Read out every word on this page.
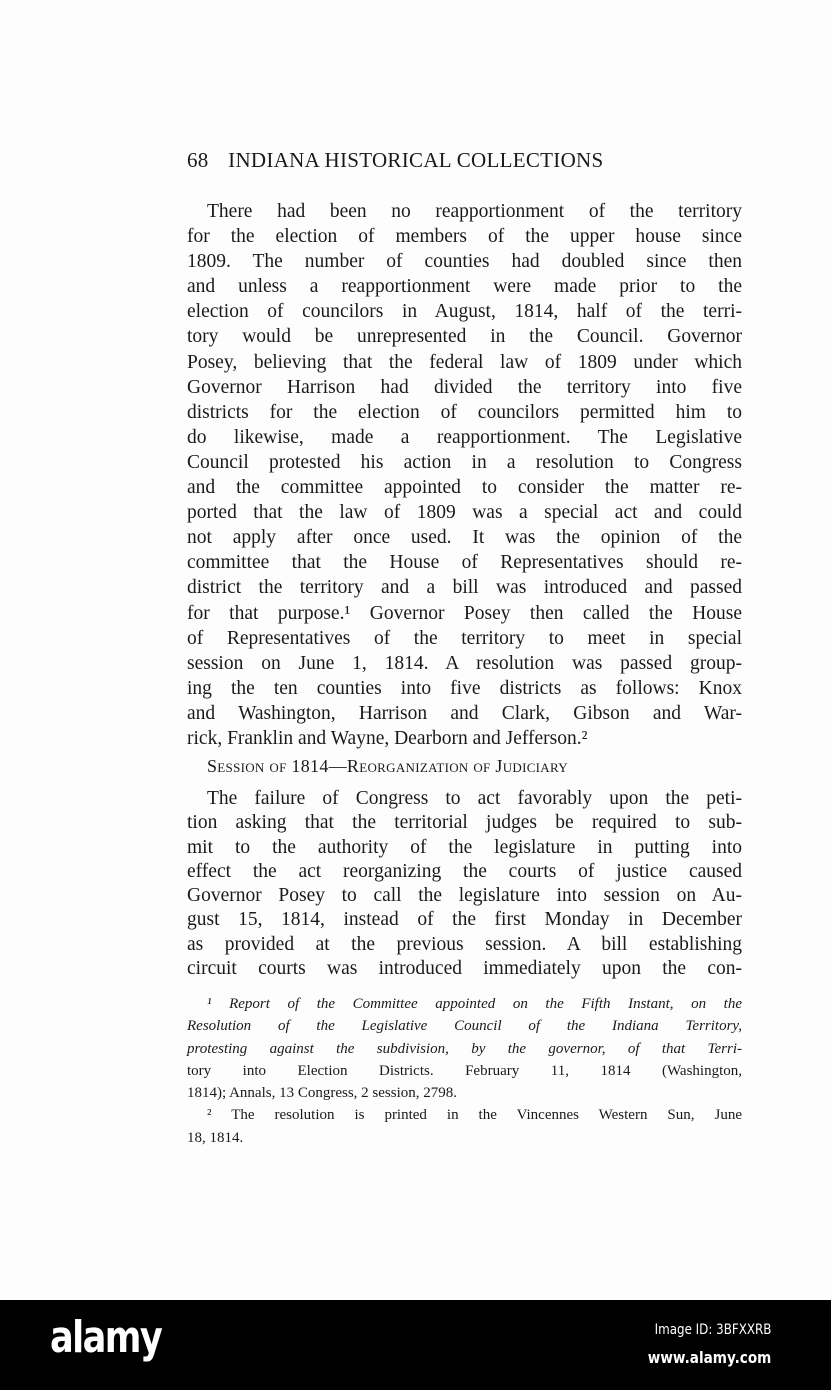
68 INDIANA HISTORICAL COLLECTIONS
There had been no reapportionment of the territory
for the election of members of the upper house since
1809. The number of counties had doubled since then
and unless a reapportionment were made prior to the
election of councilors in August, 1814, half of the terri-
tory would be unrepresented in the Council. Governor
Posey, believing that the federal law of 1809 under which
Governor Harrison had divided the territory into five
districts for the election of councilors permitted him to
do likewise, made a reapportionment. The Legislative
Council protested his action in a resolution to Congress
and the committee appointed to consider the matter re-
ported that the law of 1809 was a special act and could
not apply after once used. It was the opinion of the
committee that the House of Representatives should re-
district the territory and a bill was introduced and passed
for that purpose.¹ Governor Posey then called the House
of Representatives of the territory to meet in special
session on June 1, 1814. A resolution was passed group-
ing the ten counties into five districts as follows: Knox
and Washington, Harrison and Clark, Gibson and War-
rick, Franklin and Wayne, Dearborn and Jefferson.²
Session of 1814—Reorganization of Judiciary
The failure of Congress to act favorably upon the peti-
tion asking that the territorial judges be required to sub-
mit to the authority of the legislature in putting into
effect the act reorganizing the courts of justice caused
Governor Posey to call the legislature into session on Au-
gust 15, 1814, instead of the first Monday in December
as provided at the previous session. A bill establishing
circuit courts was introduced immediately upon the con-
¹ Report of the Committee appointed on the Fifth Instant, on the
Resolution of the Legislative Council of the Indiana Territory,
protesting against the subdivision, by the governor, of that Terri-
tory into Election Districts. February 11, 1814 (Washington,
1814); Annals, 13 Congress, 2 session, 2798.
² The resolution is printed in the Vincennes Western Sun, June
18, 1814.
alamy	Image ID: 3BFXXRB
www.alamy.com
